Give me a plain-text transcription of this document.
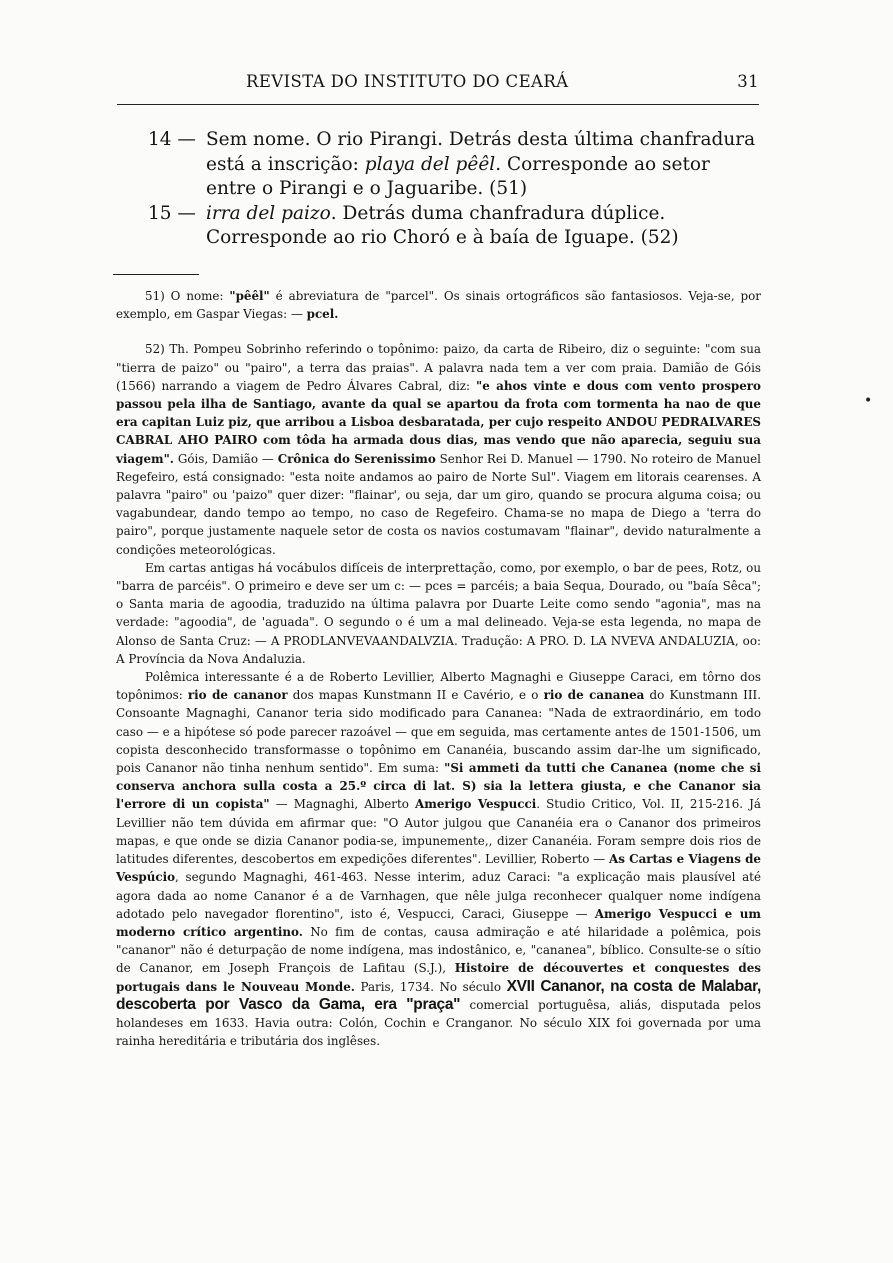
REVISTA DO INSTITUTO DO CEARÁ	31
14 — Sem nome. O rio Pirangi. Detrás desta última chanfradura está a inscrição: playa del pêêl. Corresponde ao setor entre o Pirangi e o Jaguaribe. (51)
15 — irra del paizo. Detrás duma chanfradura dúplice. Corresponde ao rio Choró e à baía de Iguape. (52)

51) O nome: "pêêl" é abreviatura de "parcel". Os sinais ortográficos são fantasiosos. Veja-se, por exemplo, em Gaspar Viegas: — pcel.

52) Th. Pompeu Sobrinho referindo o topônimo: paizo, da carta de Ribeiro, diz o seguinte: "com sua "tierra de paizo" ou "pairo", a terra das praias". A palavra nada tem a ver com praia. Damião de Góis (1566) narrando a viagem de Pedro Álvares Cabral, diz: "e ahos vinte e dous com vento prospero passou pela ilha de Santiago, avante da qual se apartou da frota com tormenta ha nao de que era capitan Luiz piz, que arribou a Lisboa desbaratada, per cujo respeito ANDOU PEDRALVARES CABRAL AHO PAIRO com tôda ha armada dous dias, mas vendo que não aparecia, seguiu sua viagem". Góis, Damião — Crônica do Serenissimo Senhor Rei D. Manuel — 1790. No roteiro de Manuel Regefeiro, está consignado: "esta noite andamos ao pairo de Norte Sul". Viagem em litorais cearenses. A palavra "pairo" ou 'paizo" quer dizer: "flainar', ou seja, dar um giro, quando se procura alguma coisa; ou vagabundear, dando tempo ao tempo, no caso de Regefeiro. Chama-se no mapa de Diego a 'terra do pairo", porque justamente naquele setor de costa os navios costumavam "flainar", devido naturalmente a condições meteorológicas.

Em cartas antigas há vocábulos difíceis de interprettação, como, por exemplo, o bar de pees, Rotz, ou "barra de parcéis". O primeiro e deve ser um c: — pces = parcéis; a baia Sequa, Dourado, ou "baía Sêca"; o Santa maria de agoodia, traduzido na última palavra por Duarte Leite como sendo "agonia", mas na verdade: "agoodia", de 'aguada". O segundo o é um a mal delineado. Veja-se esta legenda, no mapa de Alonso de Santa Cruz: — A PRODLANVEVAANDALVZIA. Tradução: A PRO. D. LA NVEVA ANDALUZIA, oo: A Província da Nova Andaluzia.

Polêmica interessante é a de Roberto Levillier, Alberto Magnaghi e Giuseppe Caraci, em tôrno dos topônimos: rio de cananor dos mapas Kunstmann II e Cavério, e o rio de cananea do Kunstmann III. Consoante Magnaghi, Cananor teria sido modificado para Cananea: "Nada de extraordinário, em todo caso — e a hipótese só pode parecer razoável — que em seguida, mas certamente antes de 1501-1506, um copista desconhecido transformasse o topônimo em Cananéia, buscando assim dar-lhe um significado, pois Cananor não tinha nenhum sentido". Em suma: "Si ammeti da tutti che Cananea (nome che si conserva anchora sulla costa a 25.º circa di lat. S) sia la lettera giusta, e che Cananor sia l'errore di un copista" — Magnaghi, Alberto Amerigo Vespucci. Studio Critico, Vol. II, 215-216. Já Levillier não tem dúvida em afirmar que: "O Autor julgou que Cananéia era o Cananor dos primeiros mapas, e que onde se dizia Cananor podia-se, impunemente,, dizer Cananéia. Foram sempre dois rios de latitudes diferentes, descobertos em expedições diferentes". Levillier, Roberto — As Cartas e Viagens de Vespúcio, segundo Magnaghi, 461-463. Nesse interim, aduz Caraci: "a explicação mais plausível até agora dada ao nome Cananor é a de Varnhagen, que nêle julga reconhecer qualquer nome indígena adotado pelo navegador florentino", isto é, Vespucci, Caraci, Giuseppe — Amerigo Vespucci e um moderno crítico argentino. No fim de contas, causa admiração e até hilaridade a polêmica, pois "cananor" não é deturpação de nome indígena, mas indostânico, e, "cananea", bíblico. Consulte-se o sítio de Cananor, em Joseph François de Lafitau (S.J.), Histoire de découvertes et conquestes des portugais dans le Nouveau Monde. Paris, 1734. No século XVII Cananor, na costa de Malabar, descoberta por Vasco da Gama, era "praça" comercial portuguêsa, aliás, disputada pelos holandeses em 1633. Havia outra: Colón, Cochin e Cranganor. No século XIX foi governada por uma rainha hereditária e tributária dos inglêses.

•
